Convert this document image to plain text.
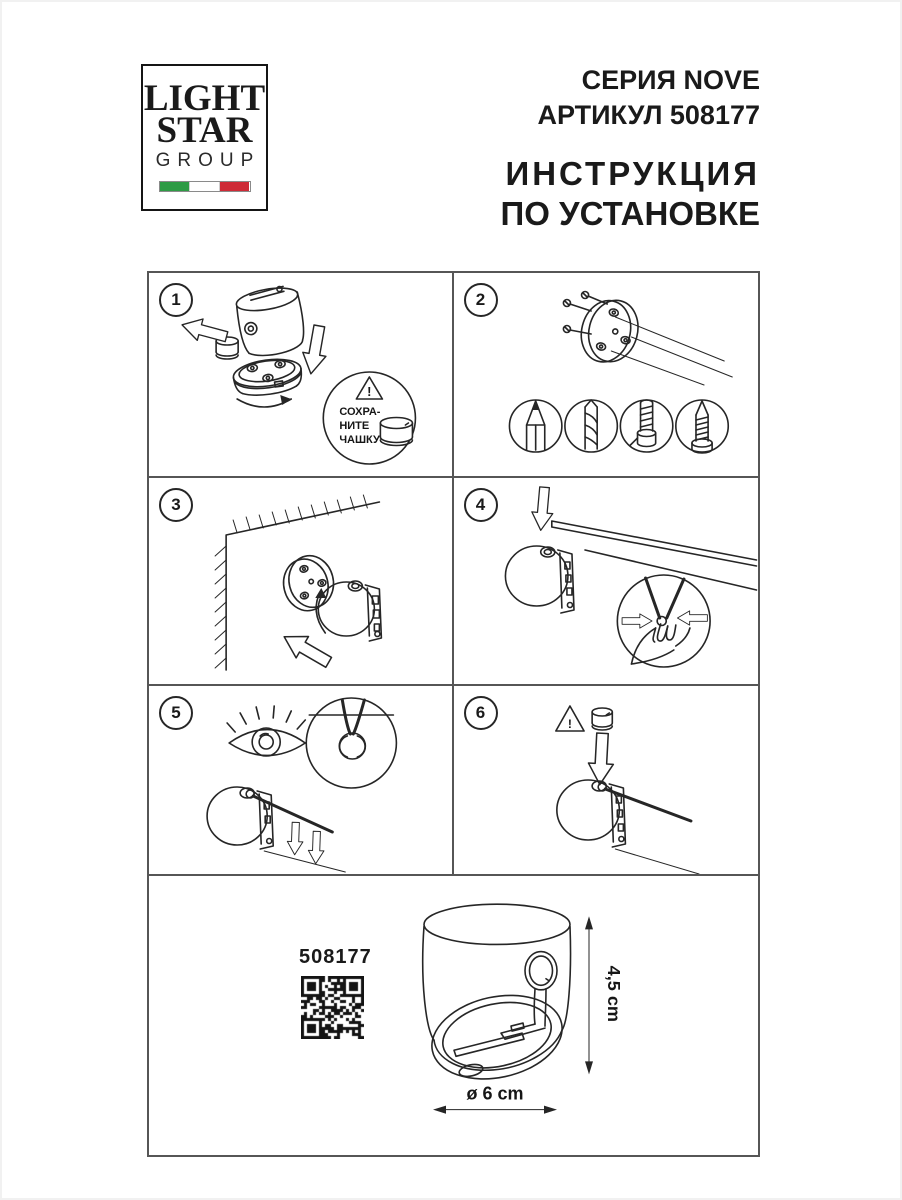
LIGHT
STAR
GROUP
СЕРИЯ NOVE
АРТИКУЛ 508177
ИНСТРУКЦИЯ
ПО УСТАНОВКЕ
1
!
СОХРА-
НИТЕ
ЧАШКУ
2
3	4
5	6
!
508177
4,5 cm
ø 6 cm
